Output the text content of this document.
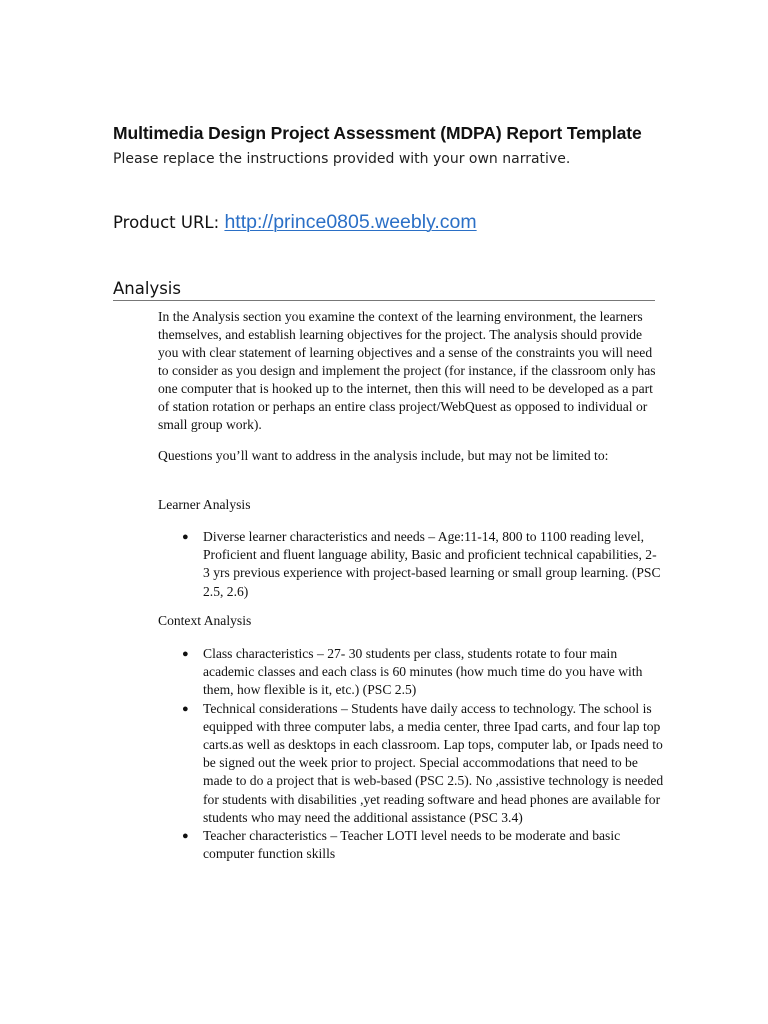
Multimedia Design Project Assessment (MDPA) Report Template
Please replace the instructions provided with your own narrative.
Product URL: http://prince0805.weebly.com
Analysis

In the Analysis section you examine the context of the learning environment, the learners themselves, and establish learning objectives for the project. The analysis should provide you with clear statement of learning objectives and a sense of the constraints you will need to consider as you design and implement the project (for instance, if the classroom only has one computer that is hooked up to the internet, then this will need to be developed as a part of station rotation or perhaps an entire class project/WebQuest as opposed to individual or small group work).

Questions you’ll want to address in the analysis include, but may not be limited to:

Learner Analysis
● Diverse learner characteristics and needs – Age:11-14, 800 to 1100 reading level, Proficient and fluent language ability, Basic and proficient technical capabilities, 2- 3 yrs previous experience with project-based learning or small group learning. (PSC 2.5, 2.6)
Context Analysis
● Class characteristics – 27- 30 students per class, students rotate to four main academic classes and each class is 60 minutes (how much time do you have with them, how flexible is it, etc.) (PSC 2.5)
● Technical considerations – Students have daily access to technology. The school is equipped with three computer labs, a media center, three Ipad carts, and four lap top carts.as well as desktops in each classroom. Lap tops, computer lab, or Ipads need to be signed out the week prior to project. Special accommodations that need to be made to do a project that is web-based (PSC 2.5). No ,assistive technology is needed for students with disabilities ,yet reading software and head phones are available for students who may need the additional assistance (PSC 3.4)
● Teacher characteristics – Teacher LOTI level needs to be moderate and basic computer function skills
